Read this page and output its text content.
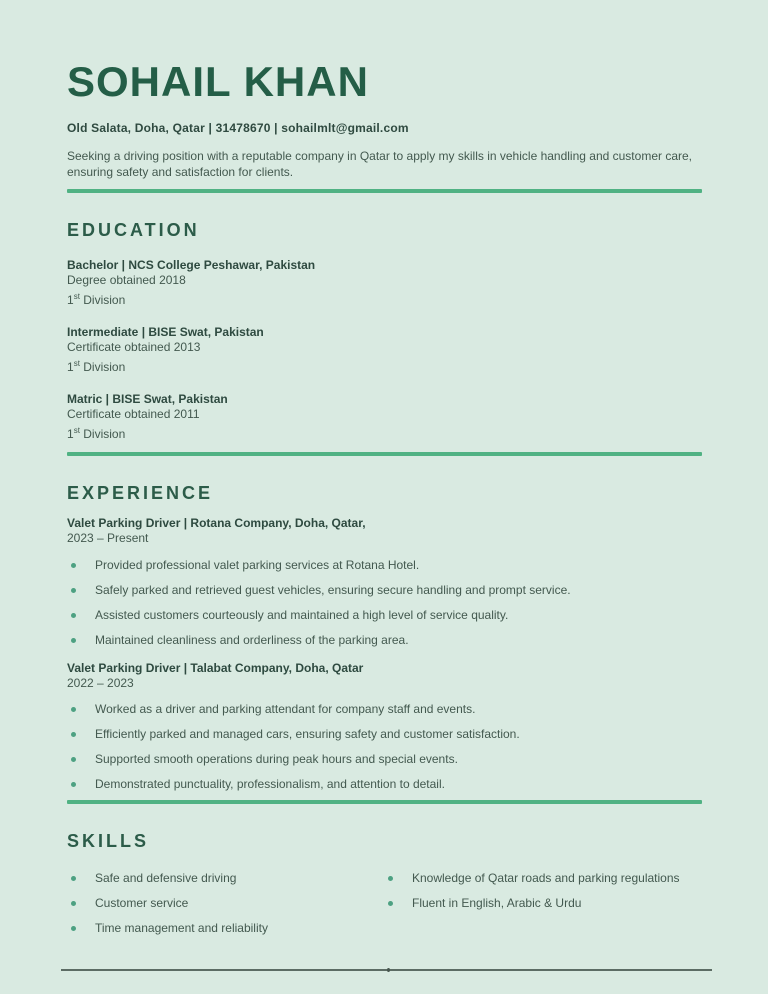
SOHAIL KHAN

Old Salata, Doha, Qatar | 31478670 | sohailmlt@gmail.com

Seeking a driving position with a reputable company in Qatar to apply my skills in vehicle handling and customer care, ensuring safety and satisfaction for clients.

EDUCATION

Bachelor | NCS College Peshawar, Pakistan

Degree obtained 2018

1st Division

Intermediate | BISE Swat, Pakistan

Certificate obtained 2013

1st Division

Matric | BISE Swat, Pakistan

Certificate obtained 2011

1st Division

EXPERIENCE

Valet Parking Driver | Rotana Company, Doha, Qatar,

2023 – Present

Provided professional valet parking services at Rotana Hotel.
Safely parked and retrieved guest vehicles, ensuring secure handling and prompt service.
Assisted customers courteously and maintained a high level of service quality.
Maintained cleanliness and orderliness of the parking area.

Valet Parking Driver | Talabat Company, Doha, Qatar

2022 – 2023

Worked as a driver and parking attendant for company staff and events.
Efficiently parked and managed cars, ensuring safety and customer satisfaction.
Supported smooth operations during peak hours and special events.
Demonstrated punctuality, professionalism, and attention to detail.
SKILLS
Safe and defensive driving
Customer service
Time management and reliability
Knowledge of Qatar roads and parking regulations
Fluent in English, Arabic & Urdu
